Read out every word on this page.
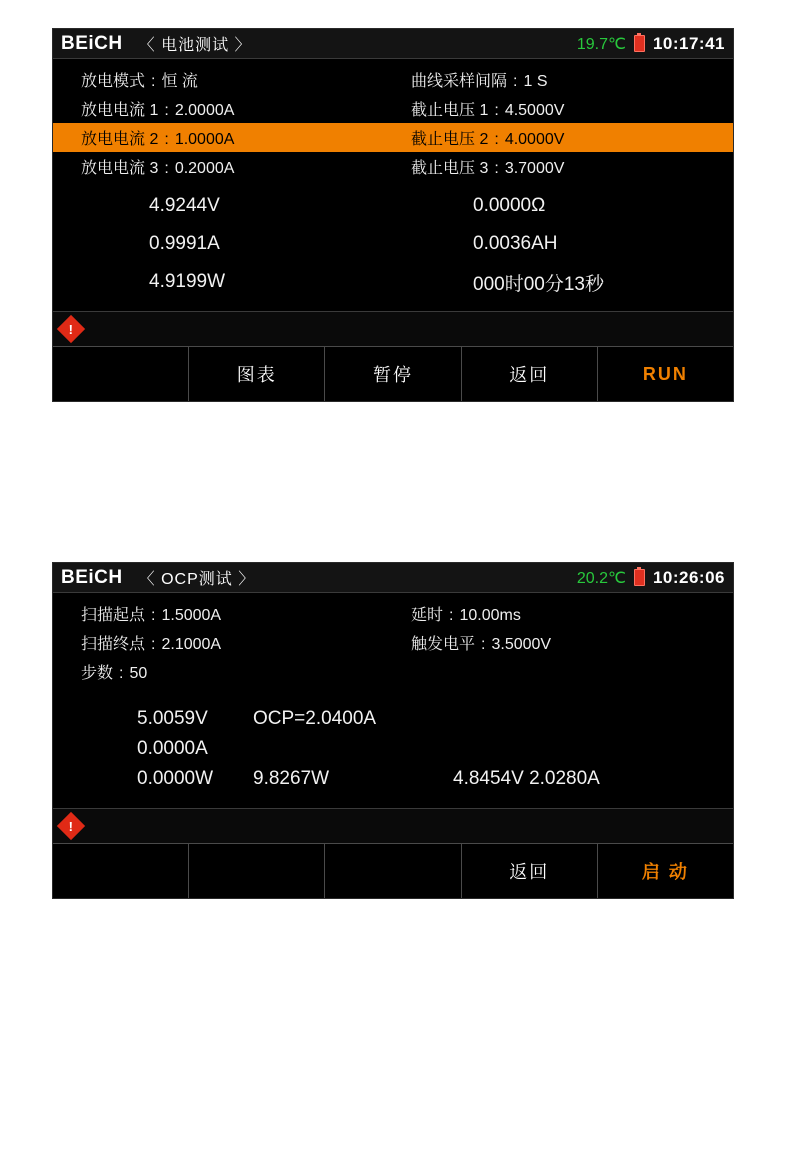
BEiCH 〈 电池测试 〉	19.7℃ 10:17:41
放电模式 : 恒 流	曲线采样间隔 : 1 S
放电电流 1 : 2.0000A	截止电压 1 : 4.5000V
放电电流 2 : 1.0000A	截止电压 2 : 4.0000V
放电电流 3 : 0.2000A	截止电压 3 : 3.7000V
4.9244V	0.0000Ω
0.9991A	0.0036AH
4.9199W	000时00分13秒
!
图表	暂停	返回	RUN
电池测试模式，可测试电池耐力和容量，
并带内阻测试功能
BEiCH 〈 OCP测试 〉	20.2℃ 10:26:06
扫描起点 : 1.5000A	延时 : 10.00ms
扫描终点 : 2.1000A	触发电平 : 3.5000V
步数 : 50
5.0059V	OCP=2.0400A
0.0000A
0.0000W	9.8267W	4.8454V 2.0280A
!
返回	启 动
编程测试模式，可捕获电源产品的临界参
数，如OCP，OPP等，包含比较器功能
